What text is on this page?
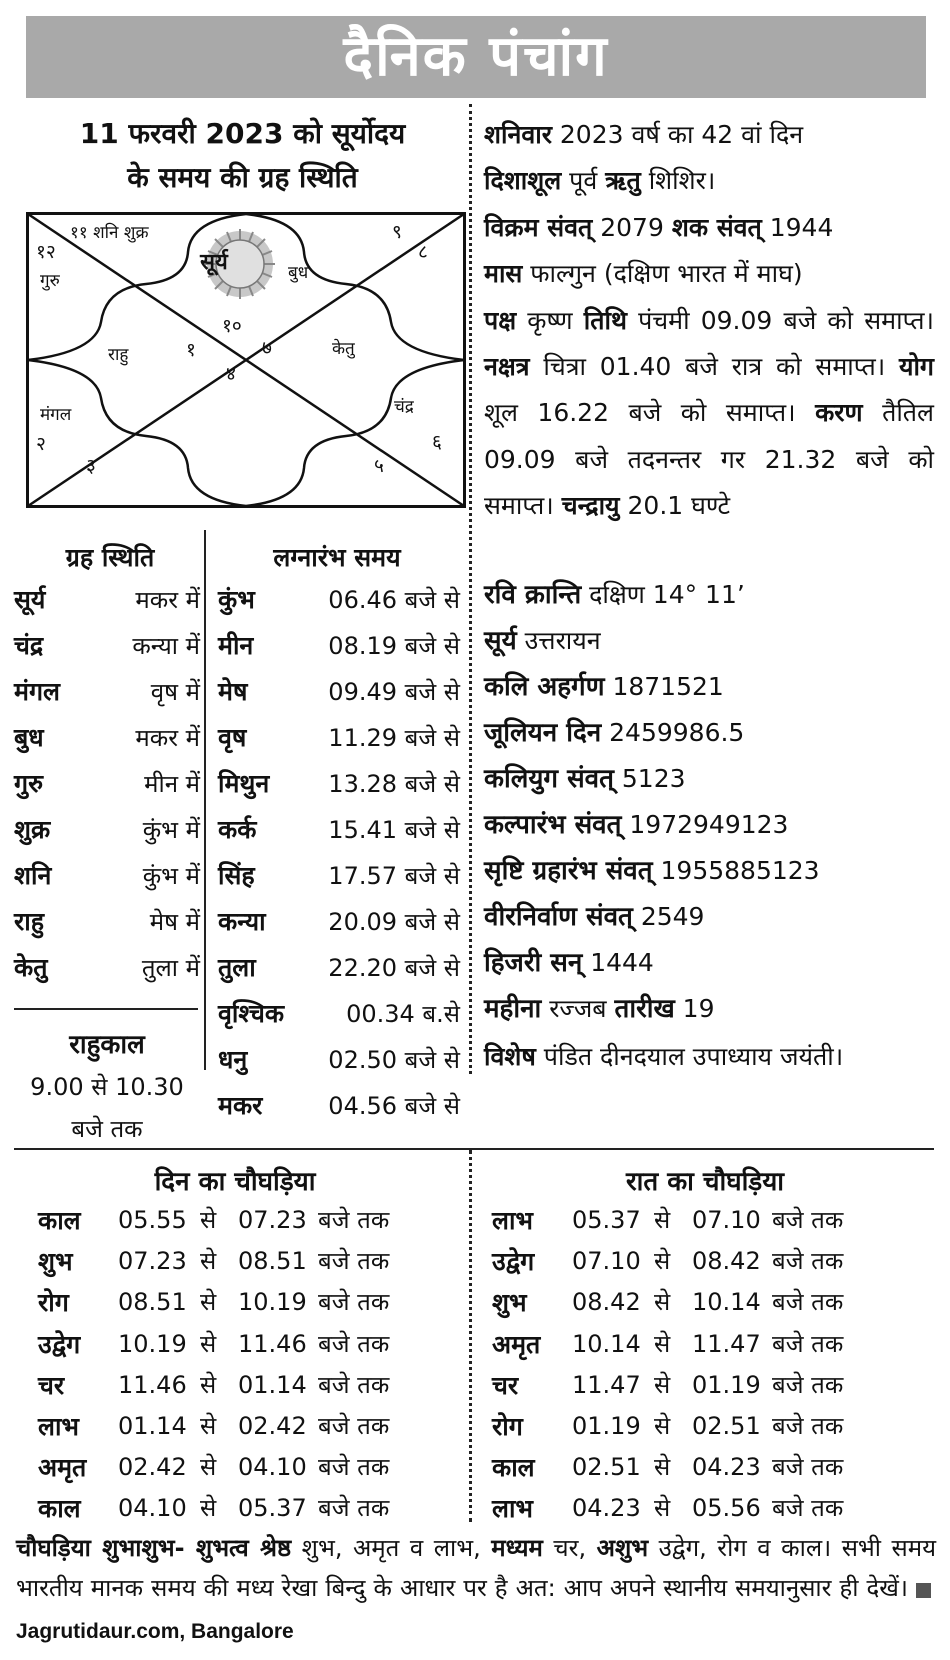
दैनिक पंचांग
11 फरवरी 2023 को सूर्योदय
के समय की ग्रह स्थिति
११ शनि शुक्र	९
१२	८
गुरु	बुध
१०
राहु	१	७	केतु
४
मंगल	चंद्र
२	६
३	५
सूर्य
ग्रह स्थिति	लग्नारंभ समय
सूर्य	मकर में
चंद्र	कन्या में
मंगल	वृष में
बुध	मकर में
गुरु	मीन में
शुक्र	कुंभ में
शनि	कुंभ में
राहु	मेष में
केतु	तुला में
राहुकाल
9.00 से 10.30
बजे तक
कुंभ	06.46 बजे से
मीन	08.19 बजे से
मेष	09.49 बजे से
वृष	11.29 बजे से
मिथुन	13.28 बजे से
कर्क	15.41 बजे से
सिंह	17.57 बजे से
कन्या	20.09 बजे से
तुला	22.20 बजे से
वृश्चिक	00.34 ब.से
धनु	02.50 बजे से
मकर	04.56 बजे से
शनिवार 2023 वर्ष का 42 वां दिन
दिशाशूल पूर्व ऋतु शिशिर।
विक्रम संवत् 2079 शक संवत् 1944
मास फाल्गुन (दक्षिण भारत में माघ)
पक्ष कृष्ण तिथि पंचमी 09.09 बजे को समाप्त। नक्षत्र चित्रा 01.40 बजे रात्र को समाप्त। योग शूल 16.22 बजे को समाप्त। करण तैतिल 09.09 बजे तदनन्तर गर 21.32 बजे को समाप्त। चन्द्रायु 20.1 घण्टे
रवि क्रान्ति दक्षिण 14° 11’
सूर्य उत्तरायन
कलि अहर्गण 1871521
जूलियन दिन 2459986.5
कलियुग संवत् 5123
कल्पारंभ संवत् 1972949123
सृष्टि ग्रहारंभ संवत् 1955885123
वीरनिर्वाण संवत् 2549
हिजरी सन् 1444
महीना रज्जब तारीख 19
विशेष पंडित दीनदयाल उपाध्याय जयंती।
दिन का चौघड़िया	रात का चौघड़िया
काल 05.55 से 07.23 बजे तक
शुभ 07.23 से 08.51 बजे तक
रोग 08.51 से 10.19 बजे तक
उद्वेग 10.19 से 11.46 बजे तक
चर 11.46 से 01.14 बजे तक
लाभ 01.14 से 02.42 बजे तक
अमृत 02.42 से 04.10 बजे तक
काल 04.10 से 05.37 बजे तक
लाभ 05.37 से 07.10 बजे तक
उद्वेग 07.10 से 08.42 बजे तक
शुभ 08.42 से 10.14 बजे तक
अमृत 10.14 से 11.47 बजे तक
चर 11.47 से 01.19 बजे तक
रोग 01.19 से 02.51 बजे तक
काल 02.51 से 04.23 बजे तक
लाभ 04.23 से 05.56 बजे तक
चौघड़िया शुभाशुभ- शुभत्व श्रेष्ठ शुभ, अमृत व लाभ, मध्यम चर, अशुभ उद्वेग, रोग व काल। सभी समय भारतीय मानक समय की मध्य रेखा बिन्दु के आधार पर है अत: आप अपने स्थानीय समयानुसार ही देखें। Jagrutidaur.com, Bangalore
